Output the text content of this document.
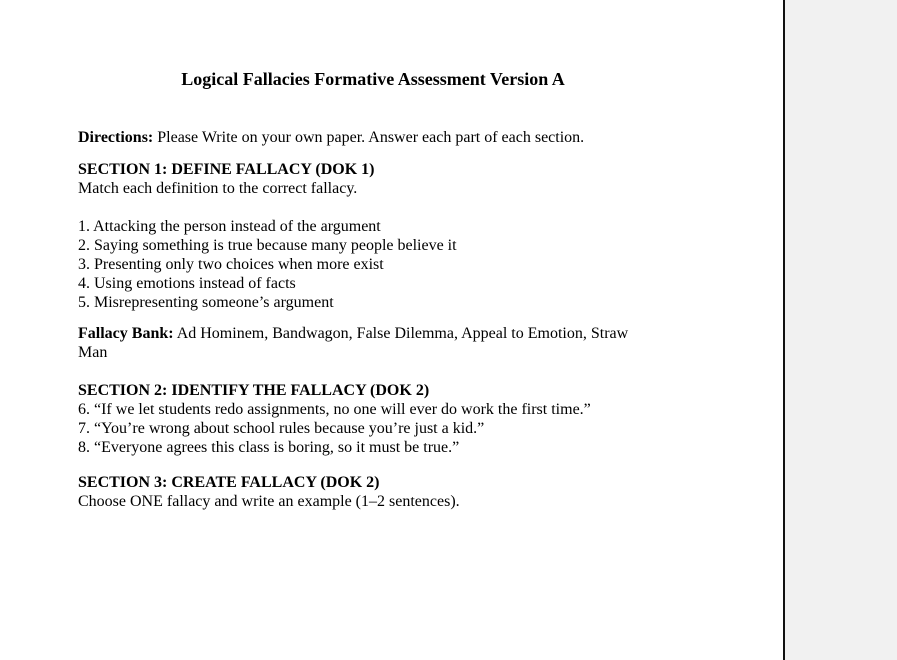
Logical Fallacies Formative Assessment Version A

Directions: Please Write on your own paper. Answer each part of each section.

SECTION 1: DEFINE FALLACY (DOK 1)
Match each definition to the correct fallacy.
1. Attacking the person instead of the argument
2. Saying something is true because many people believe it
3. Presenting only two choices when more exist
4. Using emotions instead of facts
5. Misrepresenting someone’s argument

Fallacy Bank: Ad Hominem, Bandwagon, False Dilemma, Appeal to Emotion, Straw
Man

SECTION 2: IDENTIFY THE FALLACY (DOK 2)
6. “If we let students redo assignments, no one will ever do work the first time.”
7. “You’re wrong about school rules because you’re just a kid.”
8. “Everyone agrees this class is boring, so it must be true.”
SECTION 3: CREATE FALLACY (DOK 2)
Choose ONE fallacy and write an example (1–2 sentences).
